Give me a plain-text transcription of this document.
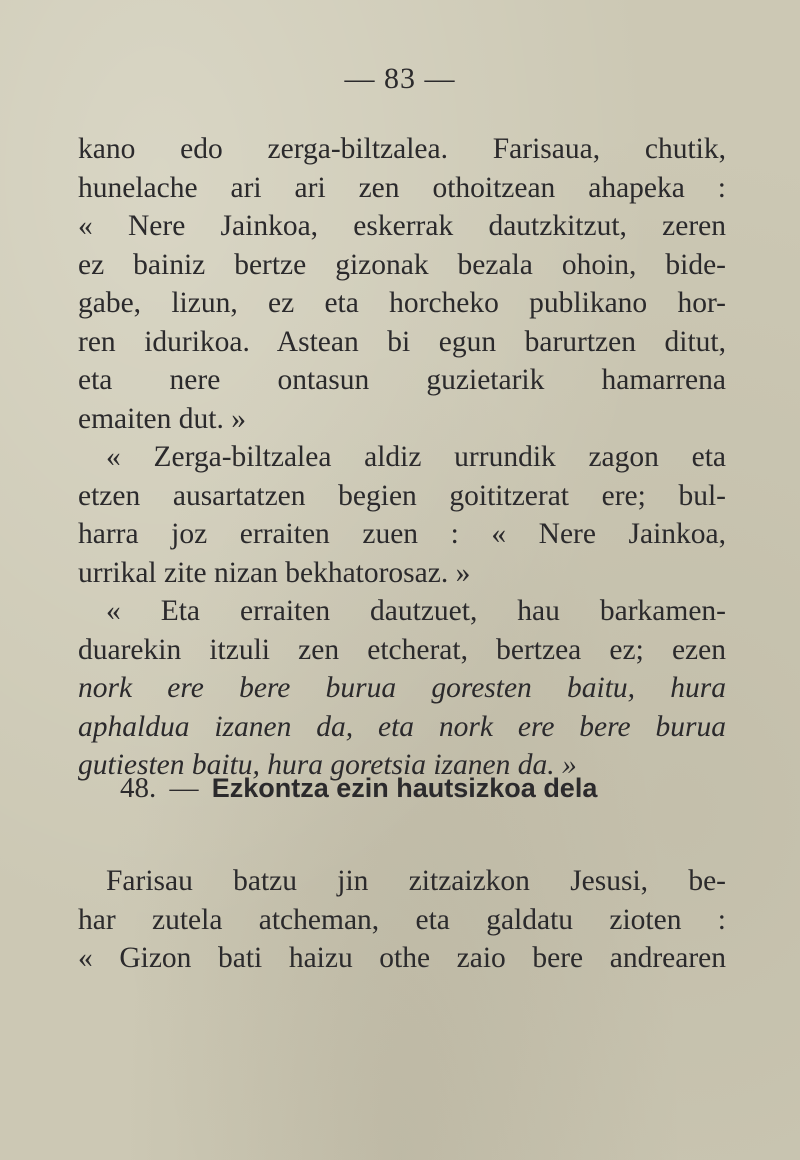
— 83 —
kano edo zerga-biltzalea. Farisaua, chutik,
hunelache ari ari zen othoitzean ahapeka :
« Nere Jainkoa, eskerrak dautzkitzut, zeren
ez bainiz bertze gizonak bezala ohoin, bide-
gabe, lizun, ez eta horcheko publikano hor-
ren idurikoa. Astean bi egun barurtzen ditut,
eta nere ontasun guzietarik hamarrena
emaiten dut. »
« Zerga-biltzalea aldiz urrundik zagon eta
etzen ausartatzen begien goititzerat ere; bul-
harra joz erraiten zuen : « Nere Jainkoa,
urrikal zite nizan bekhatorosaz. »
« Eta erraiten dautzuet, hau barkamen-
duarekin itzuli zen etcherat, bertzea ez; ezen
nork ere bere burua goresten baitu, hura
aphaldua izanen da, eta nork ere bere burua
gutiesten baitu, hura goretsia izanen da. »
48. — Ezkontza ezin hautsizkoa dela
Farisau batzu jin zitzaizkon Jesusi, be-
har zutela atcheman, eta galdatu zioten :
« Gizon bati haizu othe zaio bere andrearen
